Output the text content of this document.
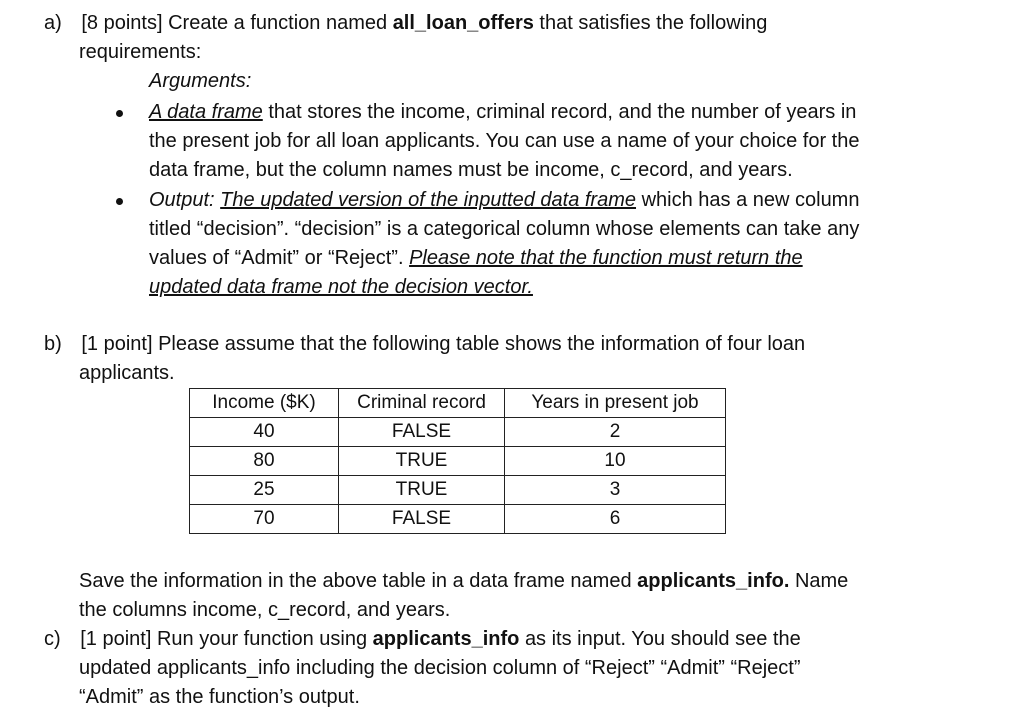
a) [8 points] Create a function named all_loan_offers that satisfies the following
requirements:
Arguments:
A data frame that stores the income, criminal record, and the number of years in
the present job for all loan applicants. You can use a name of your choice for the
data frame, but the column names must be income, c_record, and years.
Output: The updated version of the inputted data frame which has a new column
titled “decision”. “decision” is a categorical column whose elements can take any
values of “Admit” or “Reject”. Please note that the function must return the
updated data frame not the decision vector.
b) [1 point] Please assume that the following table shows the information of four loan
applicants.
Income ($K)	Criminal record	Years in present job
40	FALSE	2
80	TRUE	10
25	TRUE	3
70	FALSE	6
Save the information in the above table in a data frame named applicants_info. Name
the columns income, c_record, and years.
c) [1 point] Run your function using applicants_info as its input. You should see the
updated applicants_info including the decision column of “Reject” “Admit” “Reject”
“Admit” as the function’s output.
